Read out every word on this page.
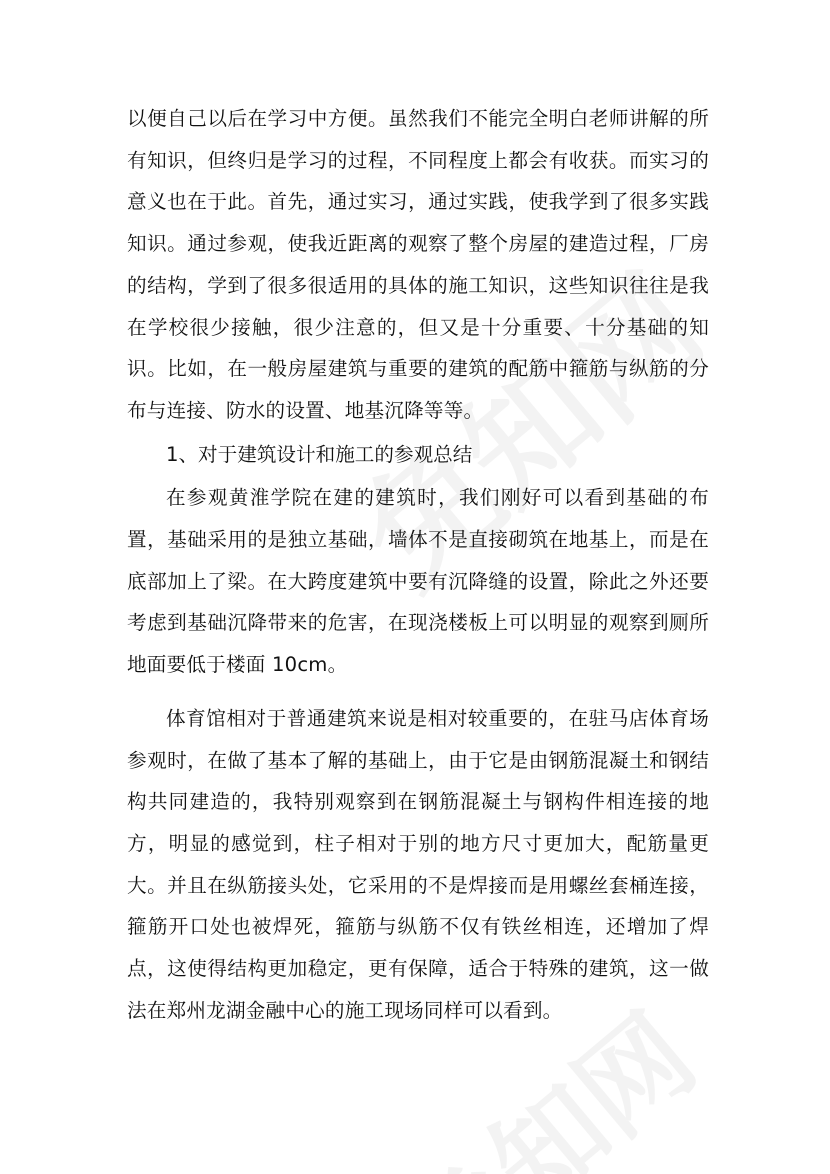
以便自己以后在学习中方便。虽然我们不能完全明白老师讲解的所有知识，但终归是学习的过程，不同程度上都会有收获。而实习的意义也在于此。首先，通过实习，通过实践，使我学到了很多实践知识。通过参观，使我近距离的观察了整个房屋的建造过程，厂房的结构，学到了很多很适用的具体的施工知识，这些知识往往是我在学校很少接触，很少注意的，但又是十分重要、十分基础的知识。比如，在一般房屋建筑与重要的建筑的配筋中箍筋与纵筋的分布与连接、防水的设置、地基沉降等等。

1、对于建筑设计和施工的参观总结

在参观黄淮学院在建的建筑时，我们刚好可以看到基础的布置，基础采用的是独立基础，墙体不是直接砌筑在地基上，而是在底部加上了梁。在大跨度建筑中要有沉降缝的设置，除此之外还要考虑到基础沉降带来的危害，在现浇楼板上可以明显的观察到厕所地面要低于楼面 10cm。

体育馆相对于普通建筑来说是相对较重要的，在驻马店体育场参观时，在做了基本了解的基础上，由于它是由钢筋混凝土和钢结构共同建造的，我特别观察到在钢筋混凝土与钢构件相连接的地方，明显的感觉到，柱子相对于别的地方尺寸更加大，配筋量更大。并且在纵筋接头处，它采用的不是焊接而是用螺丝套桶连接，箍筋开口处也被焊死，箍筋与纵筋不仅有铁丝相连，还增加了焊点，这使得结构更加稳定，更有保障，适合于特殊的建筑，这一做法在郑州龙湖金融中心的施工现场同样可以看到。
